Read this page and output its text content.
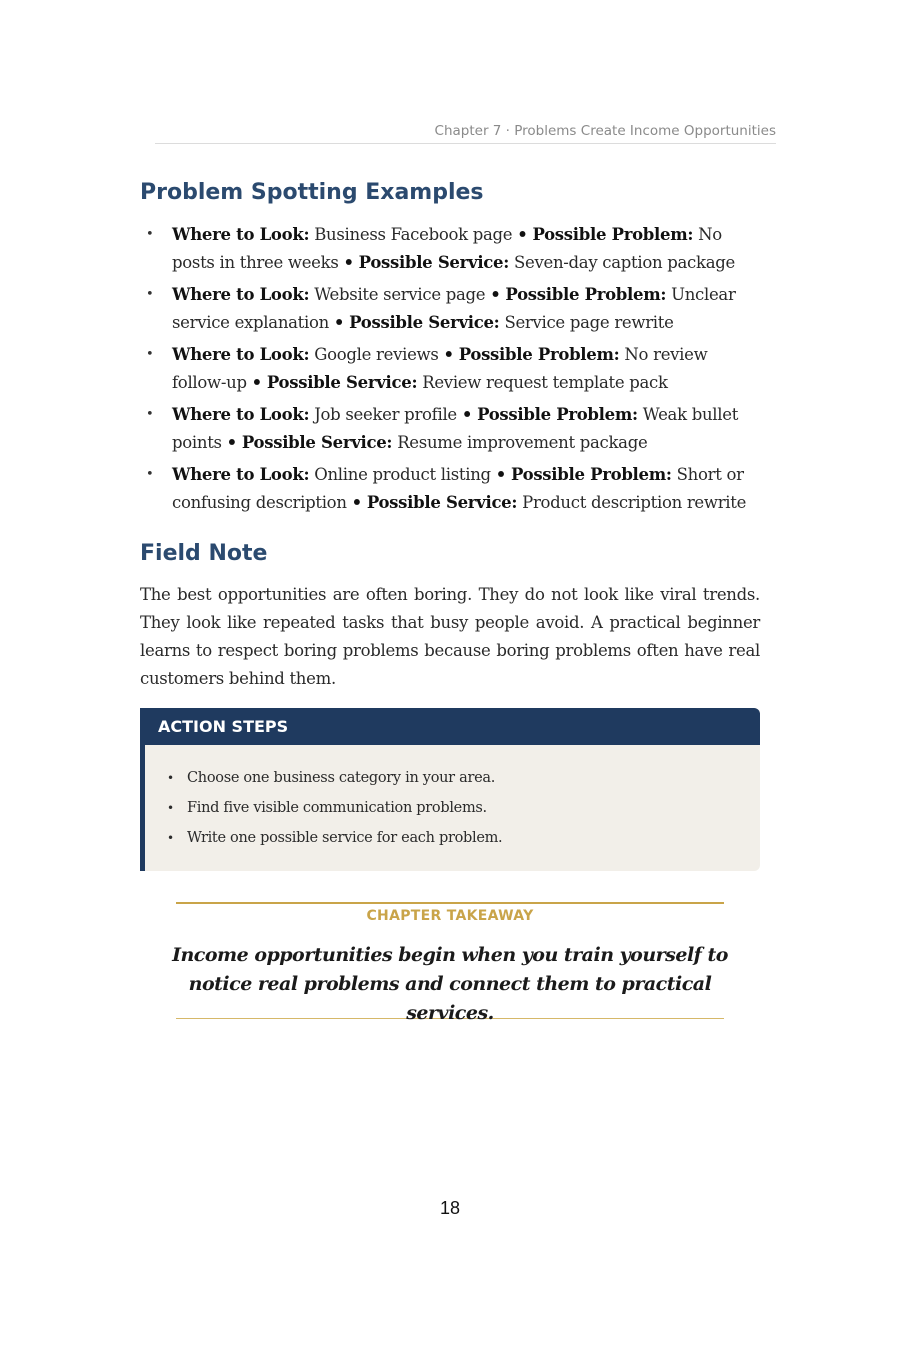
Chapter 7 · Problems Create Income Opportunities
Problem Spotting Examples
• Where to Look: Business Facebook page • Possible Problem: No posts in three weeks • Possible Service: Seven-day caption package
• Where to Look: Website service page • Possible Problem: Unclear service explanation • Possible Service: Service page rewrite
• Where to Look: Google reviews • Possible Problem: No review follow-up • Possible Service: Review request template pack
• Where to Look: Job seeker profile • Possible Problem: Weak bullet points • Possible Service: Resume improvement package
• Where to Look: Online product listing • Possible Problem: Short or confusing description • Possible Service: Product description rewrite
Field Note

The best opportunities are often boring. They do not look like viral trends. They look like repeated tasks that busy people avoid. A practical beginner learns to respect boring problems because boring problems often have real customers behind them.

ACTION STEPS
• Choose one business category in your area.
• Find five visible communication problems.
• Write one possible service for each problem.
CHAPTER TAKEAWAY
Income opportunities begin when you train yourself to notice real problems and connect them to practical services.
18
